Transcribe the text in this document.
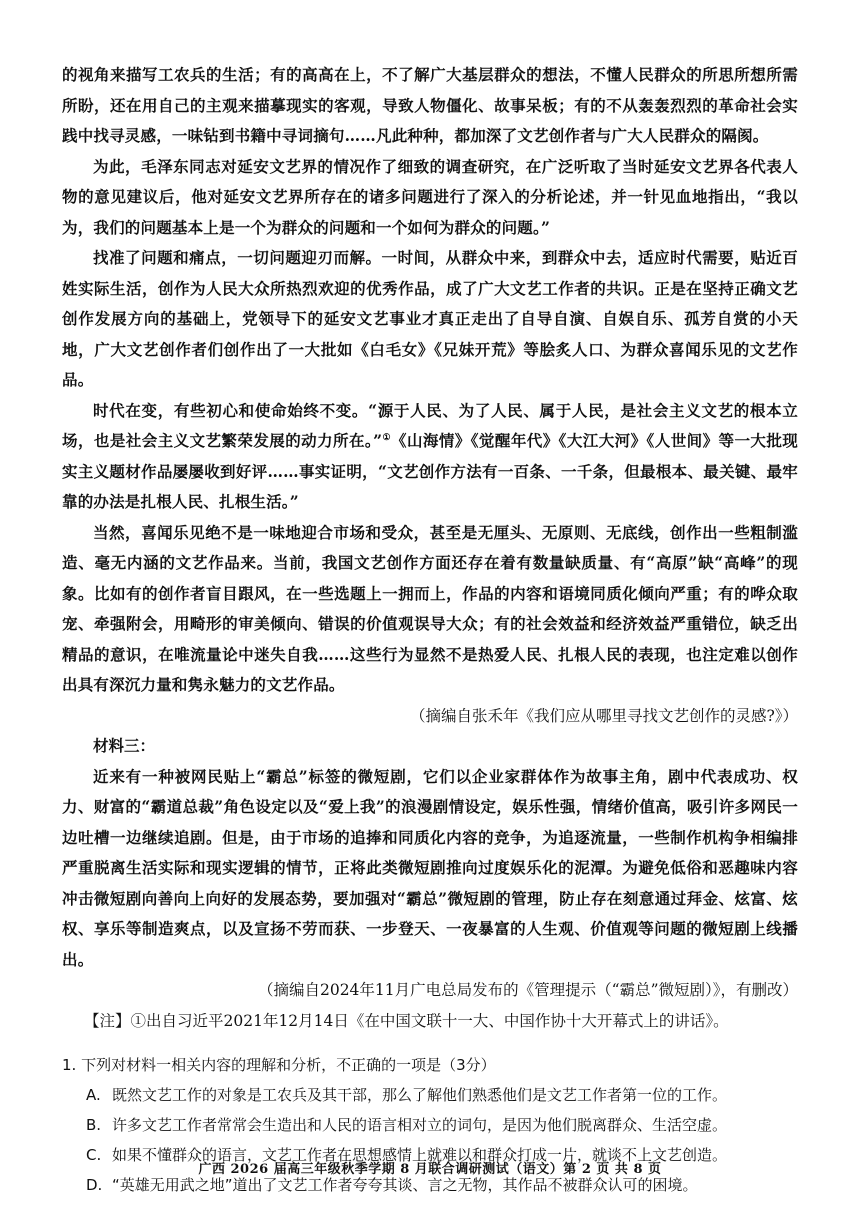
的视角来描写工农兵的生活；有的高高在上，不了解广大基层群众的想法，不懂人民群众的所思所想所需所盼，还在用自己的主观来描摹现实的客观，导致人物僵化、故事呆板；有的不从轰轰烈烈的革命社会实践中找寻灵感，一味钻到书籍中寻词摘句……凡此种种，都加深了文艺创作者与广大人民群众的隔阂。

为此，毛泽东同志对延安文艺界的情况作了细致的调查研究，在广泛听取了当时延安文艺界各代表人物的意见建议后，他对延安文艺界所存在的诸多问题进行了深入的分析论述，并一针见血地指出，“我以为，我们的问题基本上是一个为群众的问题和一个如何为群众的问题。”

找准了问题和痛点，一切问题迎刃而解。一时间，从群众中来，到群众中去，适应时代需要，贴近百姓实际生活，创作为人民大众所热烈欢迎的优秀作品，成了广大文艺工作者的共识。正是在坚持正确文艺创作发展方向的基础上，党领导下的延安文艺事业才真正走出了自导自演、自娱自乐、孤芳自赏的小天地，广大文艺创作者们创作出了一大批如《白毛女》《兄妹开荒》等脍炙人口、为群众喜闻乐见的文艺作品。

时代在变，有些初心和使命始终不变。“源于人民、为了人民、属于人民，是社会主义文艺的根本立场，也是社会主义文艺繁荣发展的动力所在。”①《山海情》《觉醒年代》《大江大河》《人世间》等一大批现实主义题材作品屡屡收到好评……事实证明，“文艺创作方法有一百条、一千条，但最根本、最关键、最牢靠的办法是扎根人民、扎根生活。”

当然，喜闻乐见绝不是一味地迎合市场和受众，甚至是无厘头、无原则、无底线，创作出一些粗制滥造、毫无内涵的文艺作品来。当前，我国文艺创作方面还存在着有数量缺质量、有“高原”缺“高峰”的现象。比如有的创作者盲目跟风，在一些选题上一拥而上，作品的内容和语境同质化倾向严重；有的哗众取宠、牵强附会，用畸形的审美倾向、错误的价值观误导大众；有的社会效益和经济效益严重错位，缺乏出精品的意识，在唯流量论中迷失自我……这些行为显然不是热爱人民、扎根人民的表现，也注定难以创作出具有深沉力量和隽永魅力的文艺作品。

（摘编自张禾年《我们应从哪里寻找文艺创作的灵感?》）

材料三：

近来有一种被网民贴上“霸总”标签的微短剧，它们以企业家群体作为故事主角，剧中代表成功、权力、财富的“霸道总裁”角色设定以及“爱上我”的浪漫剧情设定，娱乐性强，情绪价值高，吸引许多网民一边吐槽一边继续追剧。但是，由于市场的追捧和同质化内容的竞争，为追逐流量，一些制作机构争相编排严重脱离生活实际和现实逻辑的情节，正将此类微短剧推向过度娱乐化的泥潭。为避免低俗和恶趣味内容冲击微短剧向善向上向好的发展态势，要加强对“霸总”微短剧的管理，防止存在刻意通过拜金、炫富、炫权、享乐等制造爽点，以及宣扬不劳而获、一步登天、一夜暴富的人生观、价值观等问题的微短剧上线播出。

（摘编自2024年11月广电总局发布的《管理提示（“霸总”微短剧）》，有删改）

【注】①出自习近平2021年12月14日《在中国文联十一大、中国作协十大开幕式上的讲话》。

1. 下列对材料一相关内容的理解和分析，不正确的一项是（3分）

A. 既然文艺工作的对象是工农兵及其干部，那么了解他们熟悉他们是文艺工作者第一位的工作。

B. 许多文艺工作者常常会生造出和人民的语言相对立的词句，是因为他们脱离群众、生活空虚。

C. 如果不懂群众的语言，文艺工作者在思想感情上就难以和群众打成一片，就谈不上文艺创造。

D. “英雄无用武之地”道出了文艺工作者夸夸其谈、言之无物，其作品不被群众认可的困境。

广西 2026 届高三年级秋季学期 8 月联合调研测试（语文）第 2 页 共 8 页
